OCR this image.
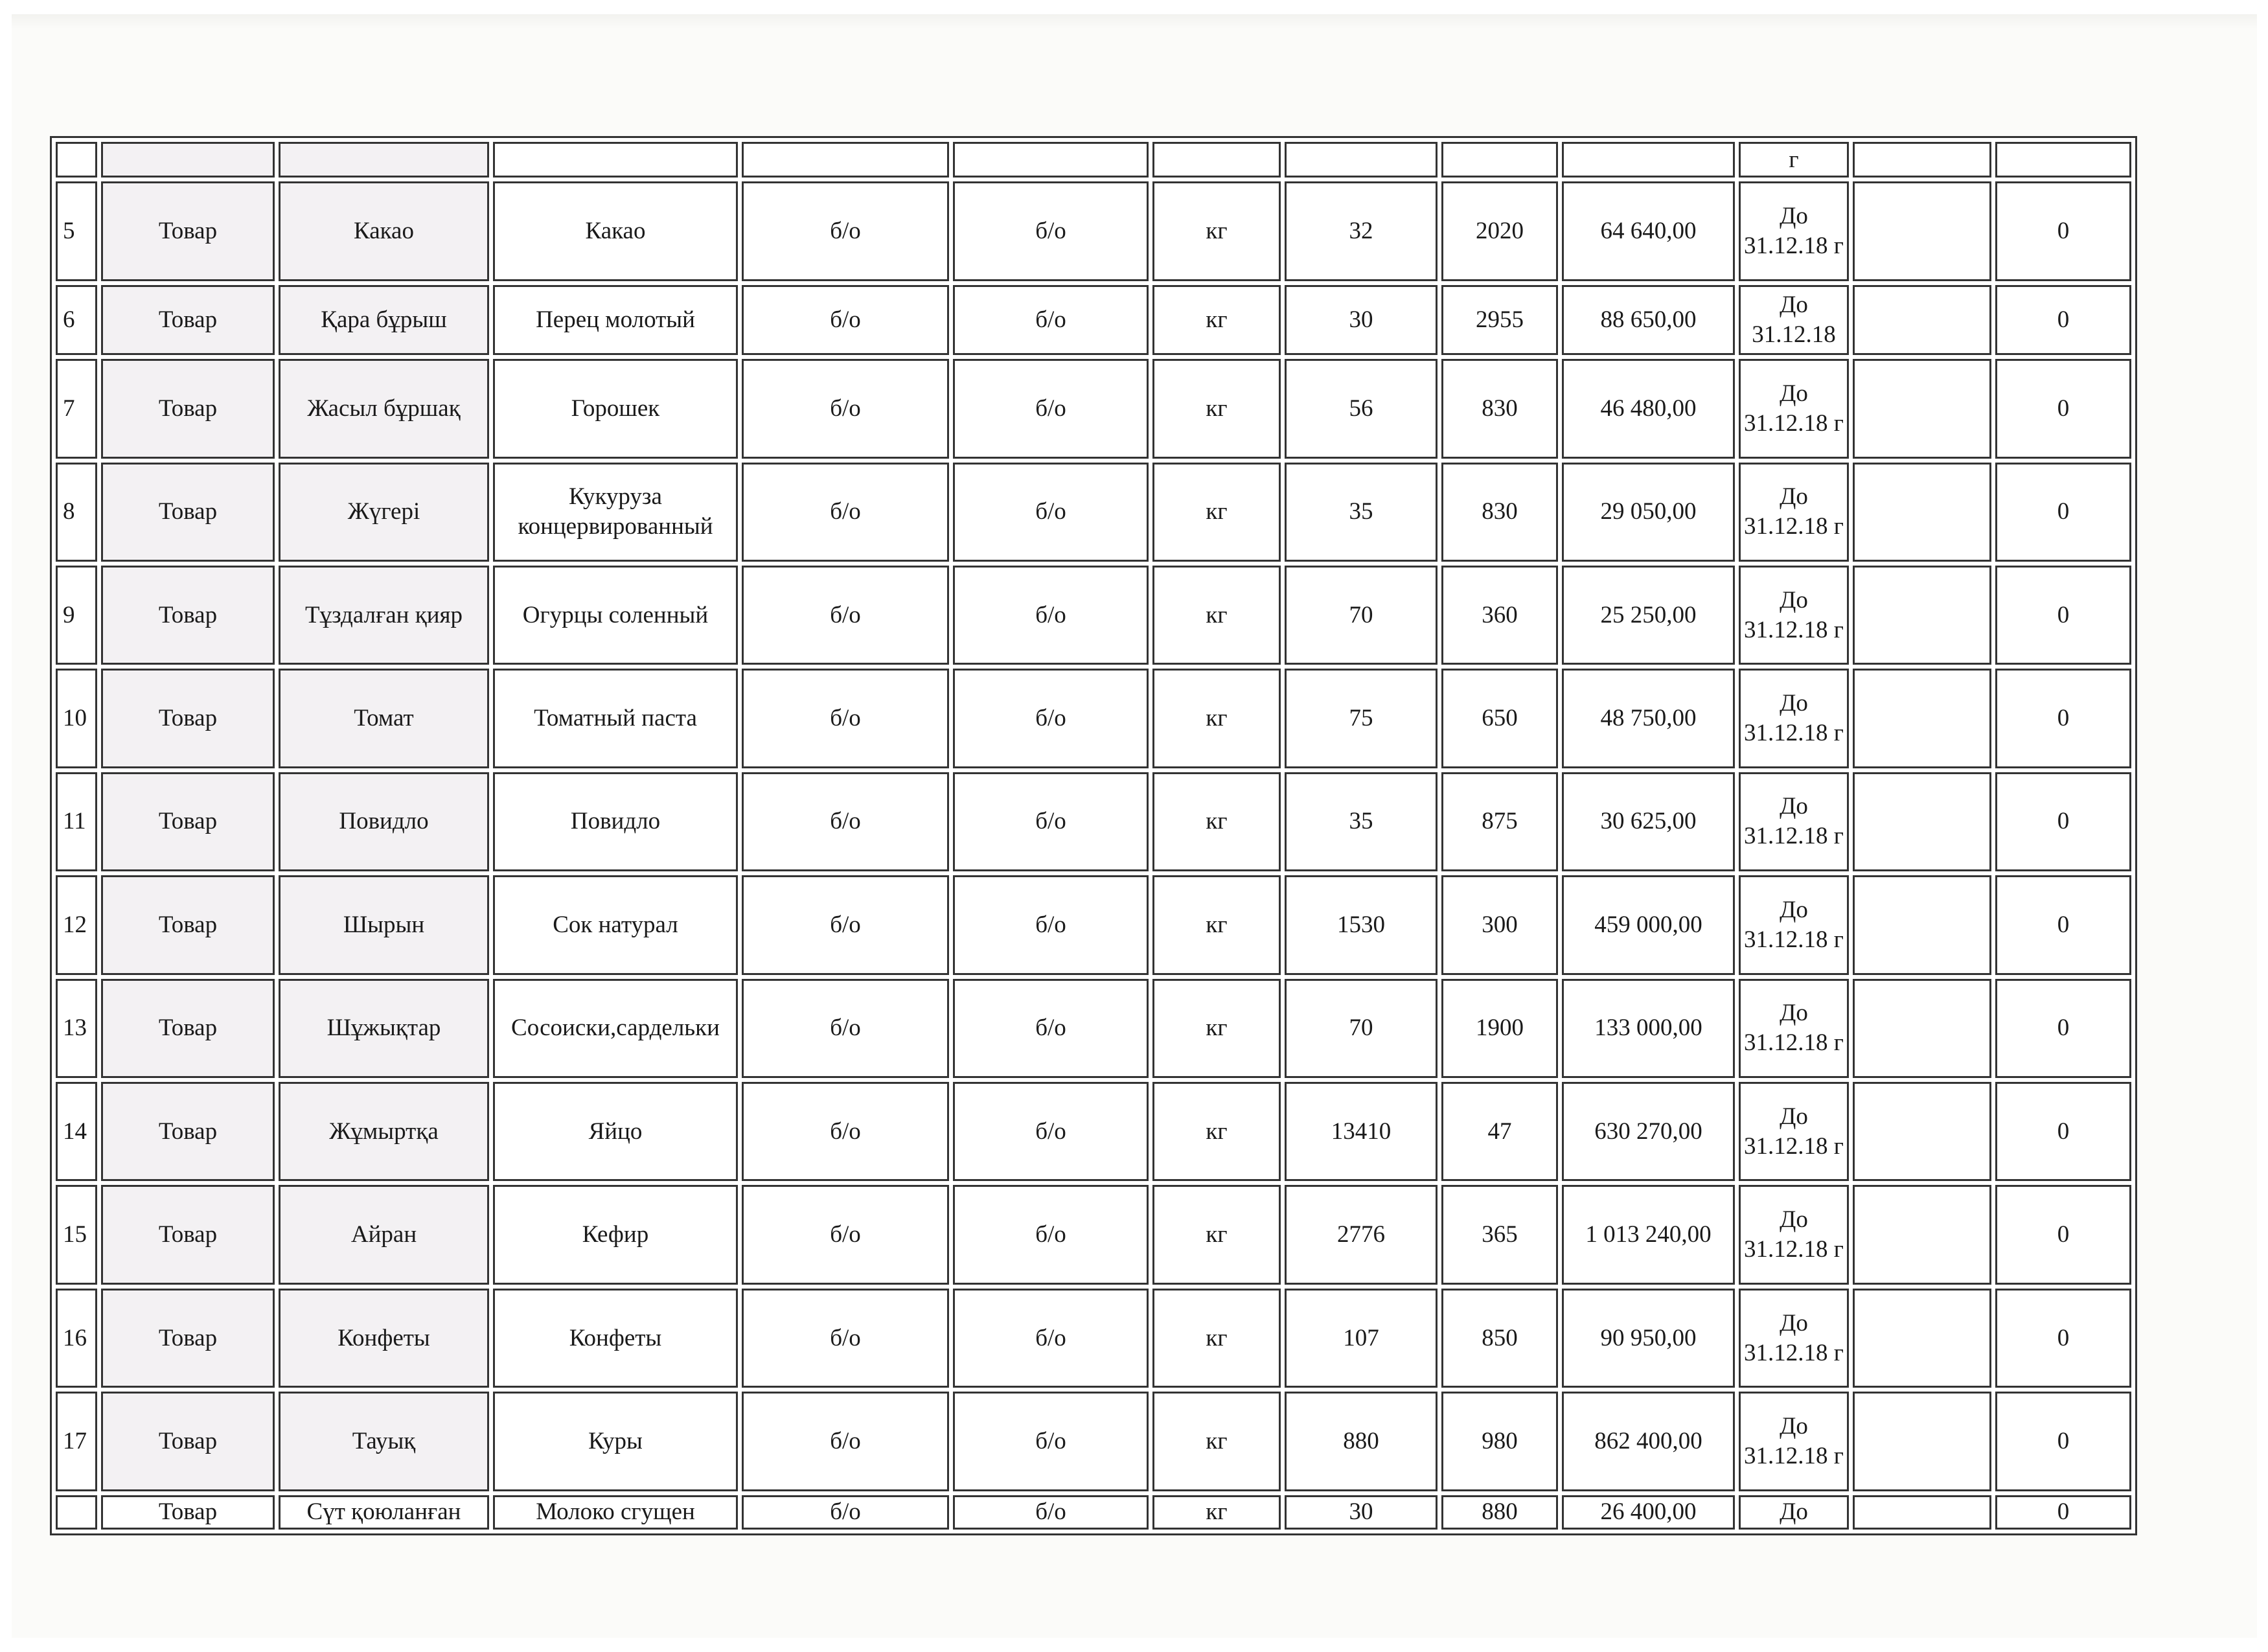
										г		
5	Товар	Какао	Какао	б/о	б/о	кг	32	2020	64 640,00	До 31.12.18 г		0
6	Товар	Қара бұрыш	Перец молотый	б/о	б/о	кг	30	2955	88 650,00	До 31.12.18		0
7	Товар	Жасыл бұршақ	Горошек	б/о	б/о	кг	56	830	46 480,00	До 31.12.18 г		0
8	Товар	Жүгері	Кукуруза концервированный	б/о	б/о	кг	35	830	29 050,00	До 31.12.18 г		0
9	Товар	Тұздалған қияр	Огурцы соленный	б/о	б/о	кг	70	360	25 250,00	До 31.12.18 г		0
10	Товар	Томат	Томатный паста	б/о	б/о	кг	75	650	48 750,00	До 31.12.18 г		0
11	Товар	Повидло	Повидло	б/о	б/о	кг	35	875	30 625,00	До 31.12.18 г		0
12	Товар	Шырын	Сок натурал	б/о	б/о	кг	1530	300	459 000,00	До 31.12.18 г		0
13	Товар	Шұжықтар	Сосоиски,сардельки	б/о	б/о	кг	70	1900	133 000,00	До 31.12.18 г		0
14	Товар	Жұмыртқа	Яйцо	б/о	б/о	кг	13410	47	630 270,00	До 31.12.18 г		0
15	Товар	Айран	Кефир	б/о	б/о	кг	2776	365	1 013 240,00	До 31.12.18 г		0
16	Товар	Конфеты	Конфеты	б/о	б/о	кг	107	850	90 950,00	До 31.12.18 г		0
17	Товар	Тауық	Куры	б/о	б/о	кг	880	980	862 400,00	До 31.12.18 г		0
	Товар	Сүт қоюланған	Молоко сгущен	б/о	б/о	кг	30	880	26 400,00	До		0
